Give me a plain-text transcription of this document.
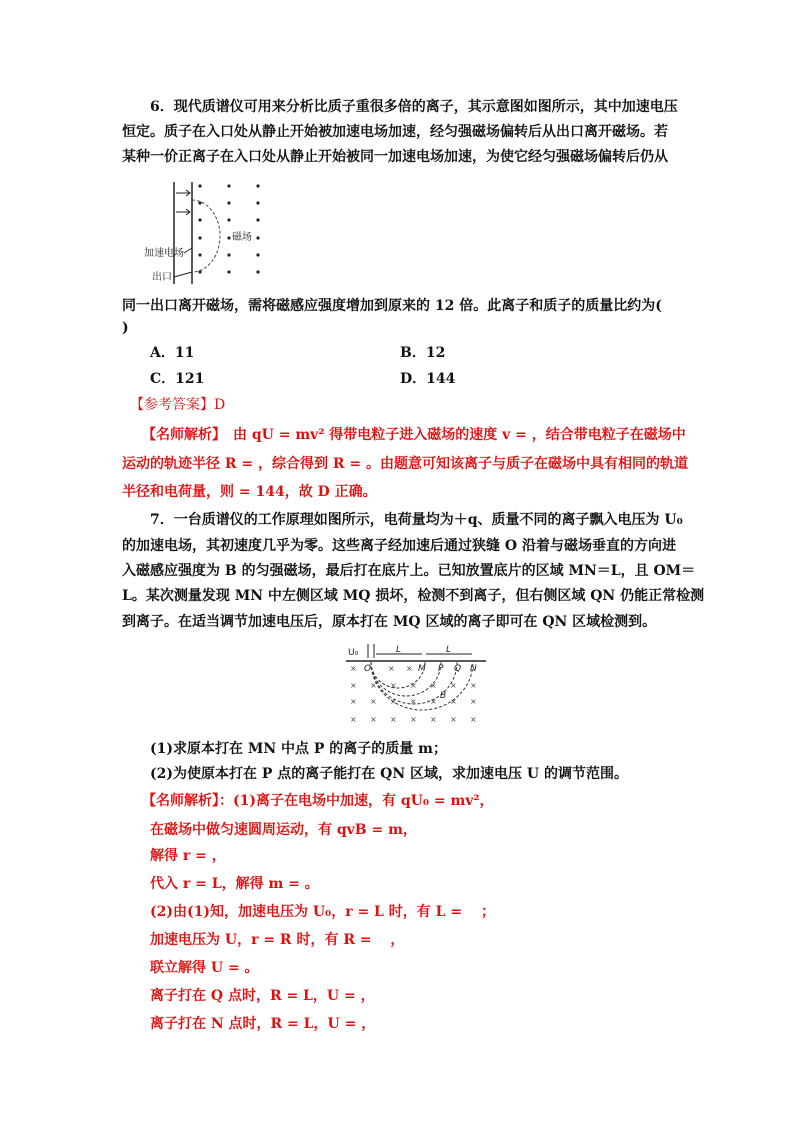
6．现代质谱仪可用来分析比质子重很多倍的离子，其示意图如图所示，其中加速电压
恒定。质子在入口处从静止开始被加速电场加速，经匀强磁场偏转后从出口离开磁场。若
某种一价正离子在入口处从静止开始被同一加速电场加速，为使它经匀强磁场偏转后仍从
加速电场
出口
磁场
同一出口离开磁场，需将磁感应强度增加到原来的 12 倍。此离子和质子的质量比约为(
)
A．11	B．12
C．121	D．144
【参考答案】D
【名师解析】　由 qU = mv² 得带电粒子进入磁场的速度 v = ，结合带电粒子在磁场中
运动的轨迹半径 R = ，综合得到 R = 。由题意可知该离子与质子在磁场中具有相同的轨道
半径和电荷量，则 = 144，故 D 正确。
7．一台质谱仪的工作原理如图所示，电荷量均为＋q、质量不同的离子飘入电压为 U₀
的加速电场，其初速度几乎为零。这些离子经加速后通过狭缝 O 沿着与磁场垂直的方向进
入磁感应强度为 B 的匀强磁场，最后打在底片上。已知放置底片的区域 MN＝L，且 OM＝
L。某次测量发现 MN 中左侧区域 MQ 损坏，检测不到离子，但右侧区域 QN 仍能正常检测
到离子。在适当调节加速电压后，原本打在 MQ 区域的离子即可在 QN 区域检测到。
U₀
O
L	L
M P Q N
×	× ×
× × × × × × ×
× × × × × × ×
× × × × × × ×
B
(1)求原本打在 MN 中点 P 的离子的质量 m；
(2)为使原本打在 P 点的离子能打在 QN 区域，求加速电压 U 的调节范围。
【名师解析】：(1)离子在电场中加速，有 qU₀ = mv²，
在磁场中做匀速圆周运动，有 qvB = m，
解得 r = ，
代入 r = L，解得 m = 。
(2)由(1)知，加速电压为 U₀，r = L 时，有 L = 　；
加速电压为 U，r = R 时，有 R = 　，
联立解得 U = 。
离子打在 Q 点时，R = L，U = ，
离子打在 N 点时，R = L，U = ，
